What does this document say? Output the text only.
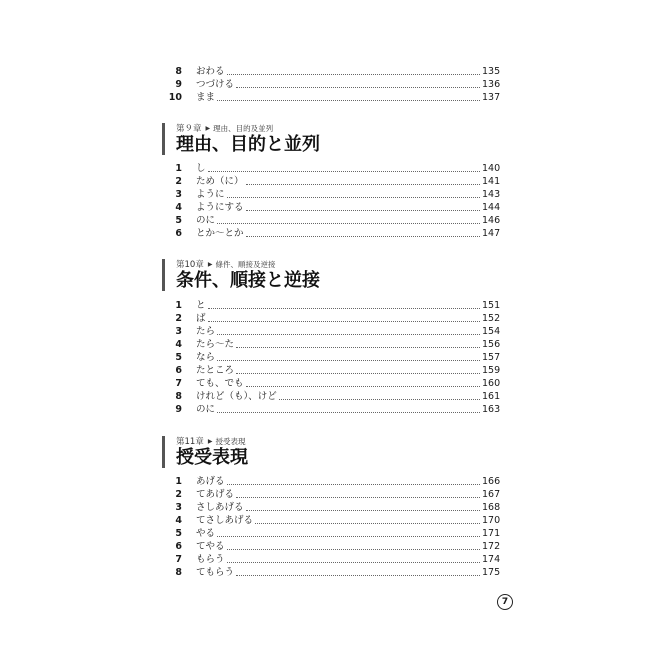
8	おわる	135
9	つづける	136
10	まま	137
第９章 ▶ 理由、目的及並列
理由、目的と並列
1	し	140
2	ため（に）	141
3	ように	143
4	ようにする	144
5	のに	146
6	とか～とか	147
第10章 ▶ 條件、順接及逆接
条件、順接と逆接
1	と	151
2	ば	152
3	たら	154
4	たら～た	156
5	なら	157
6	たところ	159
7	ても、でも	160
8	けれど（も）、けど	161
9	のに	163
第11章 ▶ 授受表現
授受表現
1	あげる	166
2	てあげる	167
3	さしあげる	168
4	てさしあげる	170
5	やる	171
6	てやる	172
7	もらう	174
8	てもらう	175
7
